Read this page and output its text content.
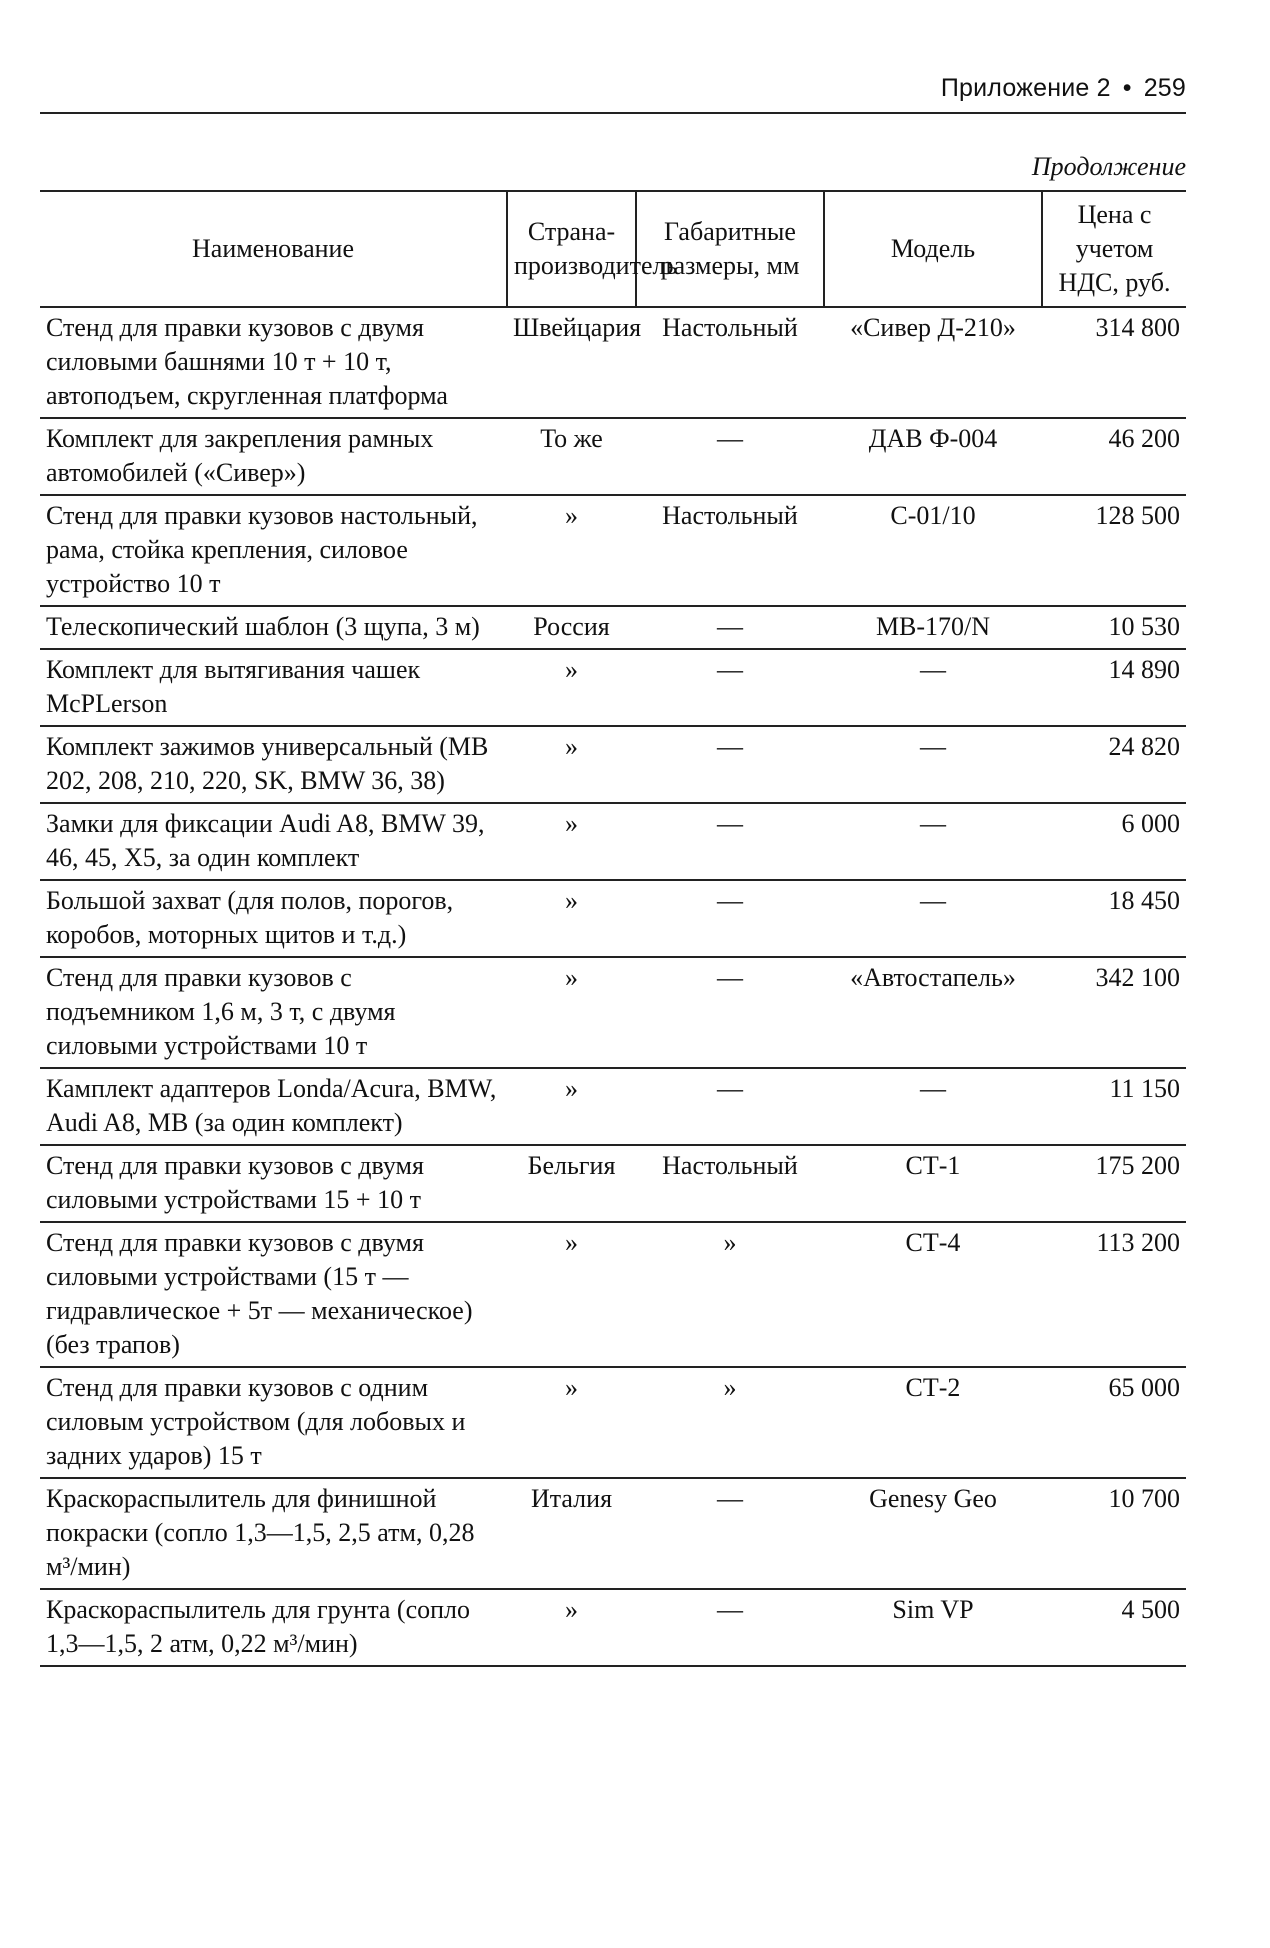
Приложение 2 • 259
Продолжение
Наименование	Страна-производитель	Габаритные размеры, мм	Модель	Цена с учетом НДС, руб.
Стенд для правки кузовов с двумя силовыми башнями 10 т + 10 т, автоподъем, скругленная платформа	Швейцария	Настольный	«Сивер Д-210»	314 800
Комплект для закрепления рамных автомобилей («Сивер»)	То же	—	ДАВ Ф-004	46 200
Стенд для правки кузовов настольный, рама, стойка крепления, силовое устройство 10 т	»	Настольный	С-01/10	128 500
Телескопический шаблон (3 щупа, 3 м)	Россия	—	МВ-170/N	10 530
Комплект для вытягивания чашек McPLerson	»	—	—	14 890
Комплект зажимов универсальный (МВ 202, 208, 210, 220, SK, BMW 36, 38)	»	—	—	24 820
Замки для фиксации Audi A8, BMW 39, 46, 45, X5, за один комплект	»	—	—	6 000
Большой захват (для полов, порогов, коробов, моторных щитов и т.д.)	»	—	—	18 450
Стенд для правки кузовов с подъемником 1,6 м, 3 т, с двумя силовыми устройствами 10 т	»	—	«Автостапель»	342 100
Камплект адаптеров Londa/Acura, BMW, Audi A8, MB (за один комплект)	»	—	—	11 150
Стенд для правки кузовов с двумя силовыми устройствами 15 + 10 т	Бельгия	Настольный	СТ-1	175 200
Стенд для правки кузовов с двумя силовыми устройствами (15 т — гидравлическое + 5т — механическое) (без трапов)	»	»	СТ-4	113 200
Стенд для правки кузовов с одним силовым устройством (для лобовых и задних ударов) 15 т	»	»	СТ-2	65 000
Краскораспылитель для финишной покраски (сопло 1,3—1,5, 2,5 атм, 0,28 м³/мин)	Италия	—	Genesy Geo	10 700
Краскораспылитель для грунта (сопло 1,3—1,5, 2 атм, 0,22 м³/мин)	»	—	Sim VP	4 500
